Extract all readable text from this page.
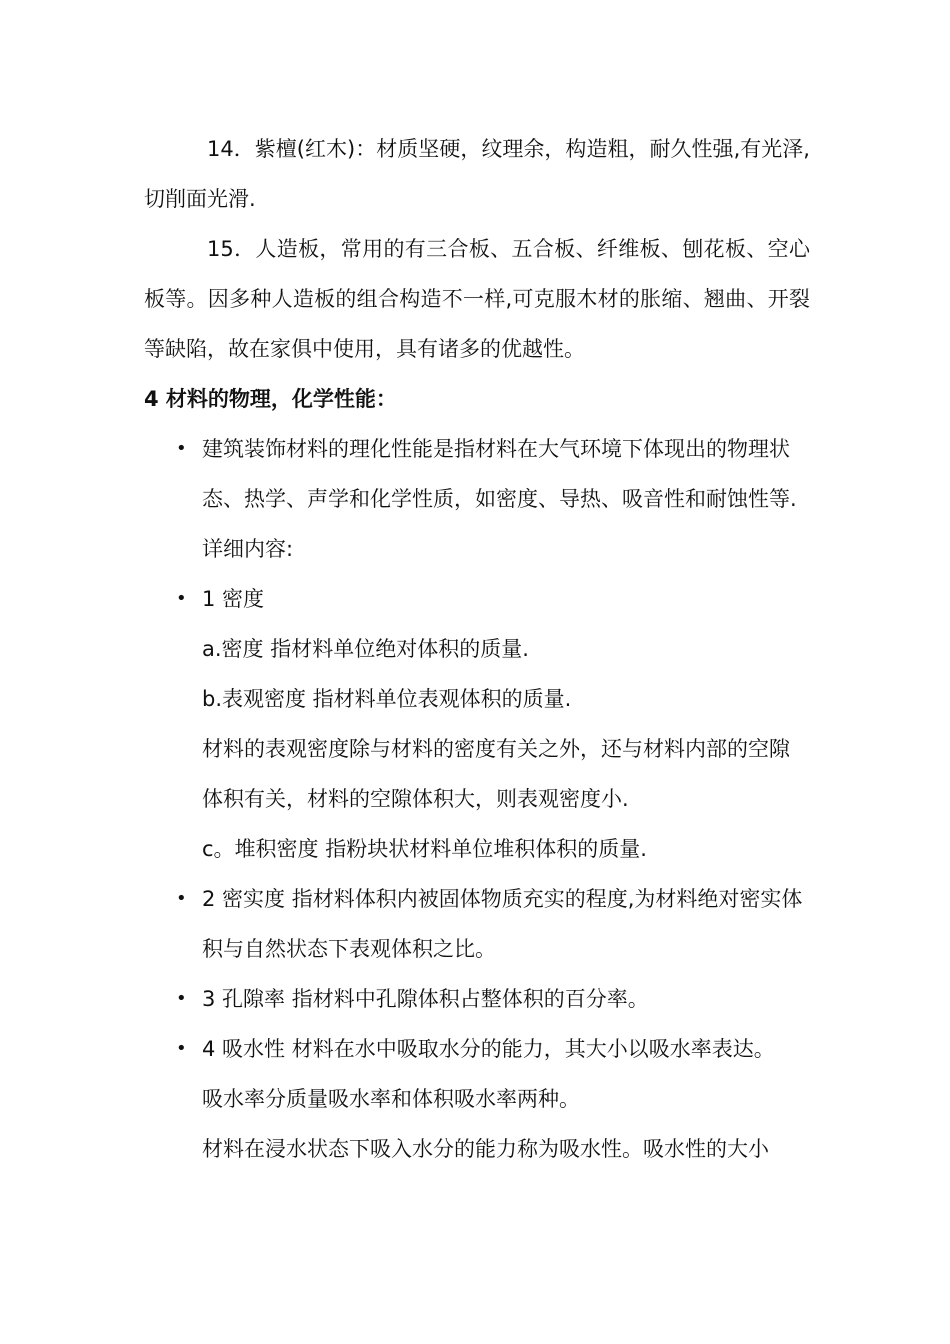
14．紫檀(红木)：材质坚硬，纹理余，构造粗，耐久性强,有光泽,切削面光滑.

15．人造板，常用的有三合板、五合板、纤维板、刨花板、空心板等。因多种人造板的组合构造不一样,可克服木材的胀缩、翘曲、开裂等缺陷，故在家俱中使用，具有诸多的优越性。

4 材料的物理，化学性能：

• 建筑装饰材料的理化性能是指材料在大气环境下体现出的物理状态、热学、声学和化学性质，如密度、导热、吸音性和耐蚀性等.
详细内容:
• 1 密度
a.密度 指材料单位绝对体积的质量.
b.表观密度 指材料单位表观体积的质量.
材料的表观密度除与材料的密度有关之外，还与材料内部的空隙体积有关，材料的空隙体积大，则表观密度小.
c。堆积密度 指粉块状材料单位堆积体积的质量.
• 2 密实度 指材料体积内被固体物质充实的程度,为材料绝对密实体积与自然状态下表观体积之比。
• 3 孔隙率 指材料中孔隙体积占整体积的百分率。
• 4 吸水性 材料在水中吸取水分的能力，其大小以吸水率表达。
吸水率分质量吸水率和体积吸水率两种。
材料在浸水状态下吸入水分的能力称为吸水性。吸水性的大小
